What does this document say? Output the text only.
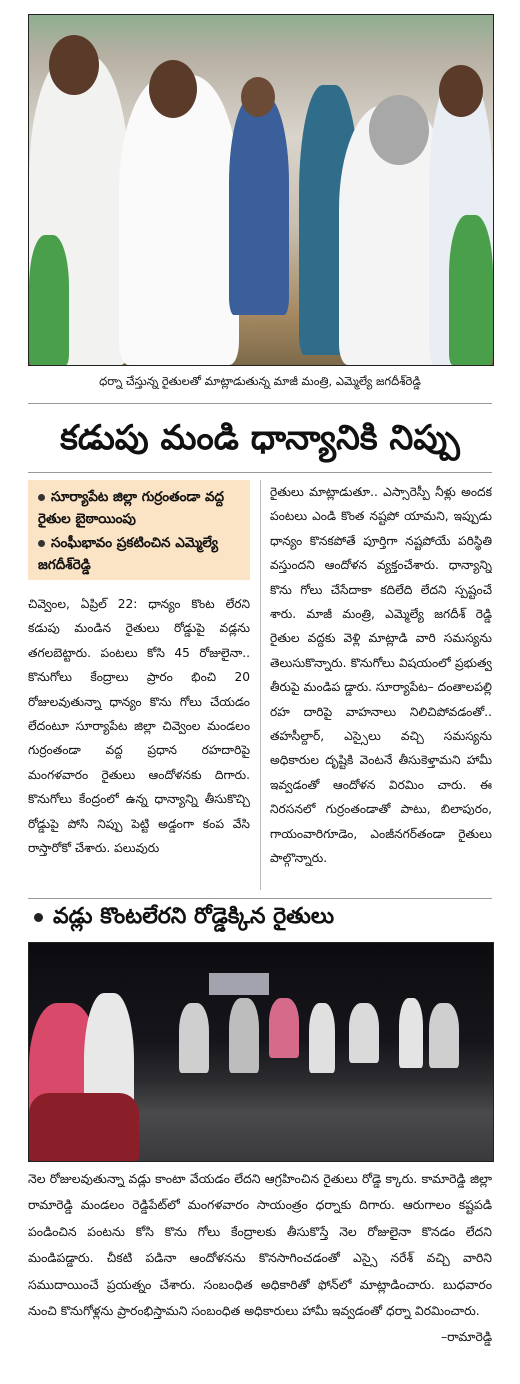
ధర్నా చేస్తున్న రైతులతో మాట్లాడుతున్న మాజీ మంత్రి, ఎమ్మెల్యే జగదీశ్‌రెడ్డి
కడుపు మండి ధాన్యానికి నిప్పు
సూర్యాపేట జిల్లా గుర్రంతండా వద్ద రైతుల బైఠాయింపు
సంఘీభావం ప్రకటించిన ఎమ్మెల్యే జగదీశ్‌రెడ్డి
చివ్వెంల, ఏప్రిల్‌ 22: ధాన్యం కొంట లేరని కడుపు మండిన రైతులు రోడ్డుపై వడ్లను తగలబెట్టారు. పంటలు కోసి 45 రోజులైనా.. కొనుగోలు కేంద్రాలు ప్రారం భించి 20 రోజులవుతున్నా ధాన్యం కొను గోలు చేయడం లేదంటూ సూర్యాపేట జిల్లా చివ్వెంల మండలం గుర్రంతండా వద్ద ప్రధాన రహదారిపై మంగళవారం రైతులు ఆందోళనకు దిగారు. కొనుగోలు కేంద్రంలో ఉన్న ధాన్యాన్ని తీసుకొచ్చి రోడ్డుపై పోసి నిప్పు పెట్టి అడ్డంగా కంప వేసి రాస్తారోకో చేశారు. పలువురు
రైతులు మాట్లాడుతూ.. ఎస్సారెస్పీ నీళ్లు అందక పంటలు ఎండి కొంత నష్టపో యామని, ఇప్పుడు ధాన్యం కొనకపోతే పూర్తిగా నష్టపోయే పరిస్థితి వస్తుందని ఆందోళన వ్యక్తంచేశారు. ధాన్యాన్ని కొను గోలు చేసేదాకా కదిలేది లేదని స్పష్టంచే శారు. మాజీ మంత్రి, ఎమ్మెల్యే జగదీశ్‌ రెడ్డి రైతుల వద్దకు వెళ్లి మాట్లాడి వారి సమస్యను తెలుసుకొన్నారు. కొనుగోలు విషయంలో ప్రభుత్వ తీరుపై మండిప డ్డారు. సూర్యాపేట– దంతాలపల్లి రహ దారిపై వాహనాలు నిలిచిపోవడంతో.. తహసీల్దార్‌, ఎస్సైలు వచ్చి సమస్యను అధికారుల దృష్టికి వెంటనే తీసుకెళ్తామని హామీ ఇవ్వడంతో ఆందోళన విరమిం చారు. ఈ నిరసనలో గుర్రంతండాతో పాటు, బిలాపురం, గాయంవారిగూడెం, ఎంజీనగర్‌తండా రైతులు పాల్గొన్నారు.
వడ్లు కొంటలేరని రోడ్డెక్కిన రైతులు
నెల రోజులవుతున్నా వడ్లు కాంటా వేయడం లేదని ఆగ్రహించిన రైతులు రోడ్డె క్కారు. కామారెడ్డి జిల్లా రామారెడ్డి మండలం రెడ్డిపేట్‌లో మంగళవారం సాయంత్రం ధర్నాకు దిగారు. ఆరుగాలం కష్టపడి పండించిన పంటను కోసి కొను గోలు కేంద్రాలకు తీసుకొస్తే నెల రోజులైనా కొనడం లేదని మండిపడ్డారు. చీకటి పడినా ఆందోళనను కొనసాగించడంతో ఎస్సై నరేశ్‌ వచ్చి వారిని సముదాయించే ప్రయత్నం చేశారు. సంబంధిత అధికారితో ఫోన్‌లో మాట్లాడించారు. బుధవారం నుంచి కొనుగోళ్లను ప్రారంభిస్తామని సంబంధిత అధికారులు హామీ ఇవ్వడంతో ధర్నా విరమించారు.
–రామారెడ్డి
